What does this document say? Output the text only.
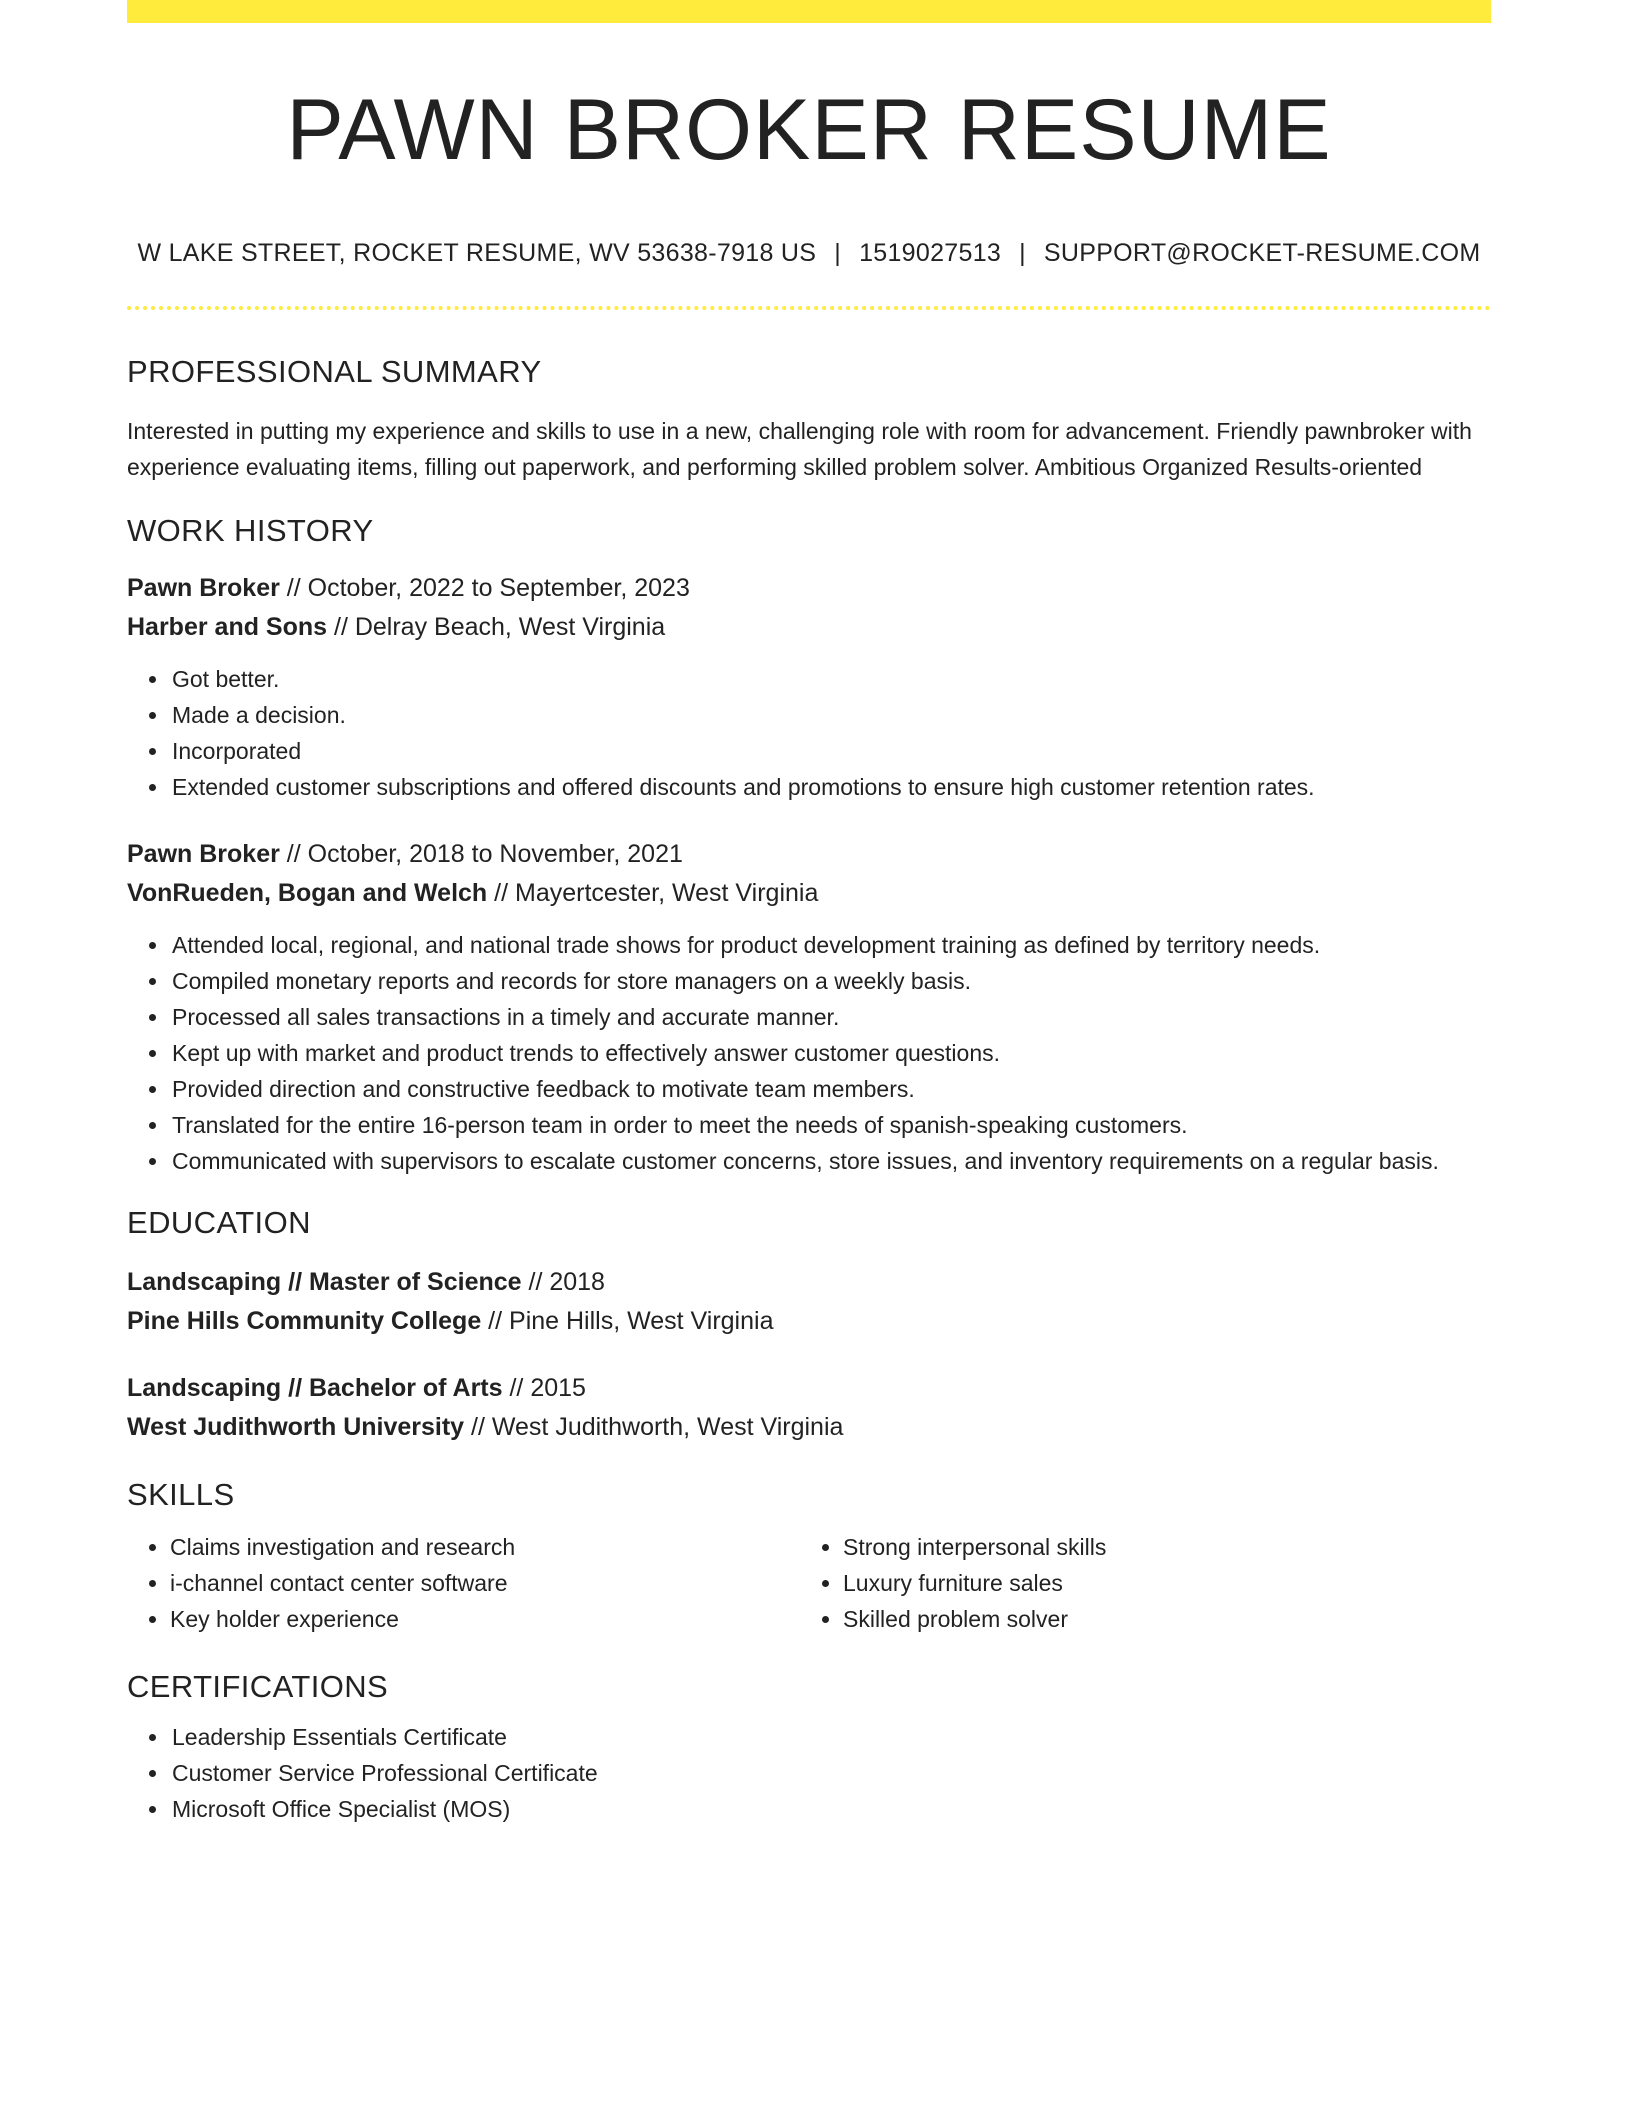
PAWN BROKER RESUME
W LAKE STREET, ROCKET RESUME, WV 53638-7918 US | 1519027513 | SUPPORT@ROCKET-RESUME.COM
PROFESSIONAL SUMMARY
Interested in putting my experience and skills to use in a new, challenging role with room for advancement. Friendly pawnbroker with experience evaluating items, filling out paperwork, and performing skilled problem solver. Ambitious Organized Results-oriented
WORK HISTORY
Pawn Broker // October, 2022 to September, 2023
Harber and Sons // Delray Beach, West Virginia
• Got better.
• Made a decision.
• Incorporated
• Extended customer subscriptions and offered discounts and promotions to ensure high customer retention rates.
Pawn Broker // October, 2018 to November, 2021
VonRueden, Bogan and Welch // Mayertcester, West Virginia
• Attended local, regional, and national trade shows for product development training as defined by territory needs.
• Compiled monetary reports and records for store managers on a weekly basis.
• Processed all sales transactions in a timely and accurate manner.
• Kept up with market and product trends to effectively answer customer questions.
• Provided direction and constructive feedback to motivate team members.
• Translated for the entire 16-person team in order to meet the needs of spanish-speaking customers.
• Communicated with supervisors to escalate customer concerns, store issues, and inventory requirements on a regular basis.
EDUCATION
Landscaping // Master of Science // 2018
Pine Hills Community College // Pine Hills, West Virginia
Landscaping // Bachelor of Arts // 2015
West Judithworth University // West Judithworth, West Virginia
SKILLS
• Claims investigation and research
• i-channel contact center software
• Key holder experience
• Strong interpersonal skills
• Luxury furniture sales
• Skilled problem solver
CERTIFICATIONS
• Leadership Essentials Certificate
• Customer Service Professional Certificate
• Microsoft Office Specialist (MOS)
